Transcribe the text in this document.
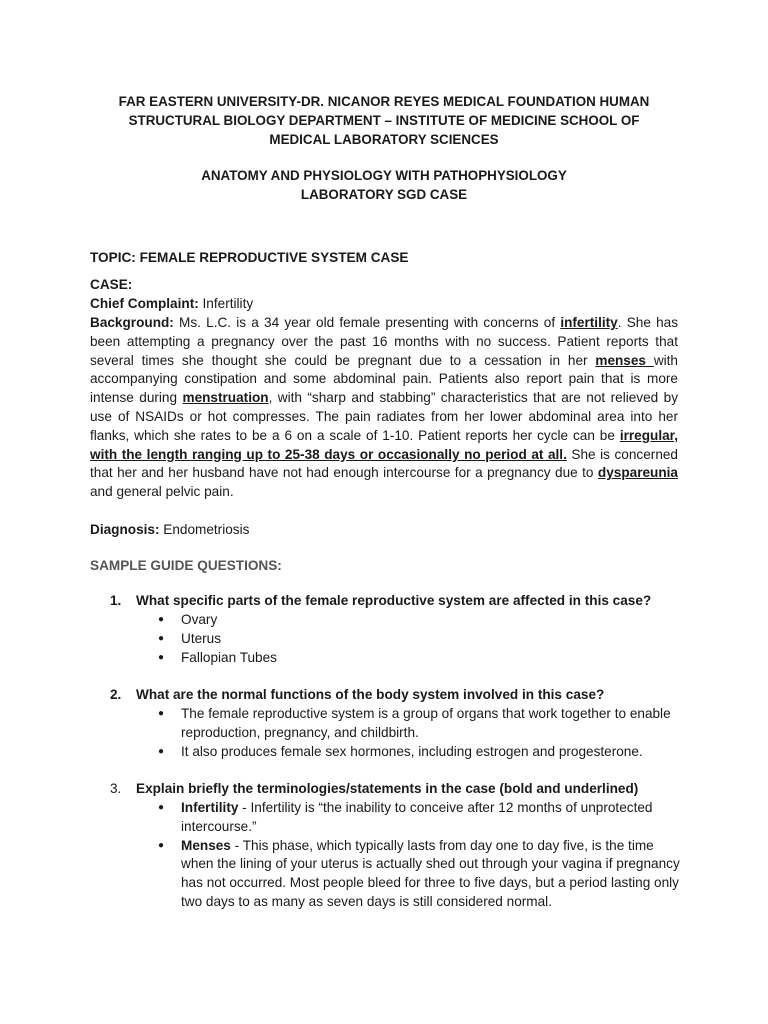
FAR EASTERN UNIVERSITY-DR. NICANOR REYES MEDICAL FOUNDATION HUMAN
STRUCTURAL BIOLOGY DEPARTMENT – INSTITUTE OF MEDICINE SCHOOL OF
MEDICAL LABORATORY SCIENCES
ANATOMY AND PHYSIOLOGY WITH PATHOPHYSIOLOGY
LABORATORY SGD CASE
TOPIC: FEMALE REPRODUCTIVE SYSTEM CASE
CASE:
Chief Complaint: Infertility
Background: Ms. L.C. is a 34 year old female presenting with concerns of infertility. She has been attempting a pregnancy over the past 16 months with no success. Patient reports that several times she thought she could be pregnant due to a cessation in her menses with accompanying constipation and some abdominal pain. Patients also report pain that is more intense during menstruation, with “sharp and stabbing” characteristics that are not relieved by use of NSAIDs or hot compresses. The pain radiates from her lower abdominal area into her flanks, which she rates to be a 6 on a scale of 1-10. Patient reports her cycle can be irregular, with the length ranging up to 25-38 days or occasionally no period at all. She is concerned that her and her husband have not had enough intercourse for a pregnancy due to dyspareunia and general pelvic pain.
Diagnosis: Endometriosis
SAMPLE GUIDE QUESTIONS:
1. What specific parts of the female reproductive system are affected in this case?
● Ovary
● Uterus
● Fallopian Tubes
2. What are the normal functions of the body system involved in this case?
● The female reproductive system is a group of organs that work together to enable reproduction, pregnancy, and childbirth.
● It also produces female sex hormones, including estrogen and progesterone.
3. Explain briefly the terminologies/statements in the case (bold and underlined)
● Infertility - Infertility is “the inability to conceive after 12 months of unprotected intercourse.”
● Menses - This phase, which typically lasts from day one to day five, is the time when the lining of your uterus is actually shed out through your vagina if pregnancy has not occurred. Most people bleed for three to five days, but a period lasting only two days to as many as seven days is still considered normal.
